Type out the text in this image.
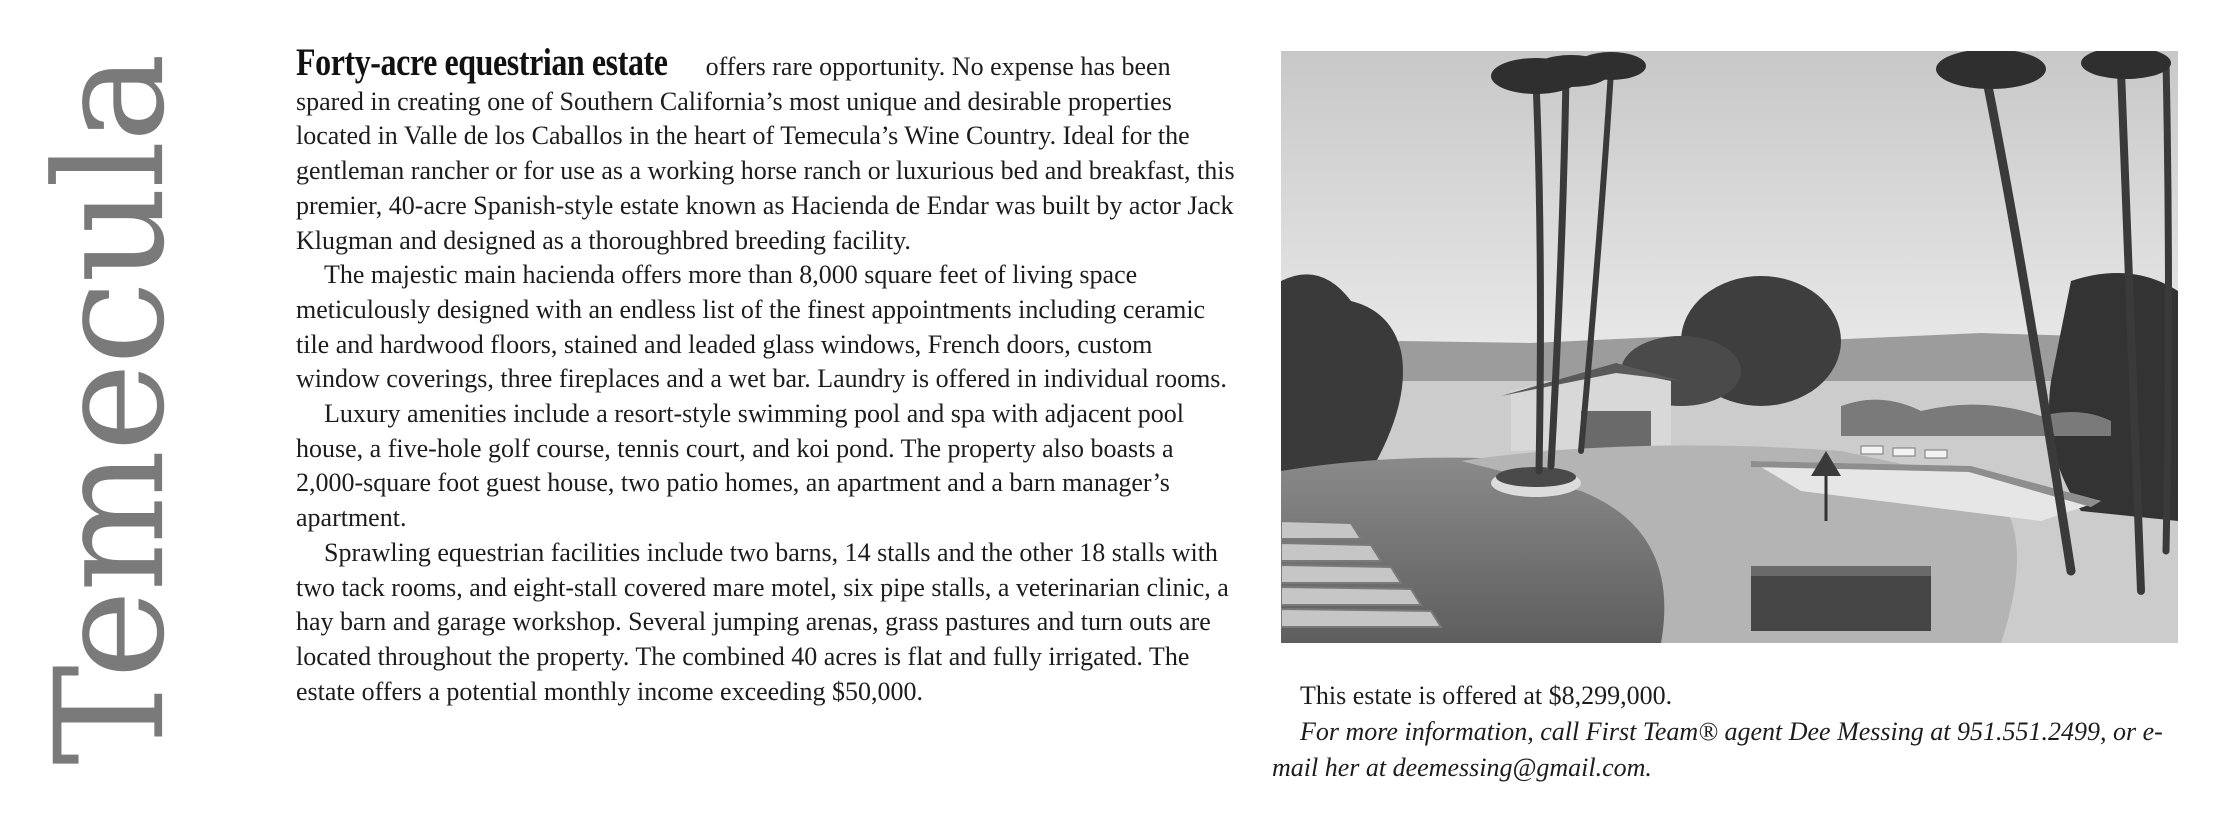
Temecula	Forty-acre equestrian estate offers rare opportunity. No expense has been spared in creating one of Southern California’s most unique and desirable properties located in Valle de los Caballos in the heart of Temecula’s Wine Country. Ideal for the gentleman rancher or for use as a working horse ranch or luxurious bed and breakfast, this premier, 40-acre Spanish-style estate known as Hacienda de Endar was built by actor Jack Klugman and designed as a thoroughbred breeding facility.

The majestic main hacienda offers more than 8,000 square feet of living space meticulously designed with an endless list of the finest appointments including ceramic tile and hardwood floors, stained and leaded glass windows, French doors, custom window coverings, three fireplaces and a wet bar. Laundry is offered in individual rooms.

Luxury amenities include a resort-style swimming pool and spa with adjacent pool house, a five-hole golf course, tennis court, and koi pond. The property also boasts a 2,000-square foot guest house, two patio homes, an apartment and a barn manager’s apartment.

Sprawling equestrian facilities include two barns, 14 stalls and the other 18 stalls with two tack rooms, and eight-stall covered mare motel, six pipe stalls, a veterinarian clinic, a hay barn and garage workshop. Several jumping arenas, grass pastures and turn outs are located throughout the property. The combined 40 acres is flat and fully irrigated. The estate offers a potential monthly income exceeding $50,000.	This estate is offered at $8,299,000.
For more information, call First Team® agent Dee Messing at 951.551.2499, or e-mail her at deemessing@gmail.com.
